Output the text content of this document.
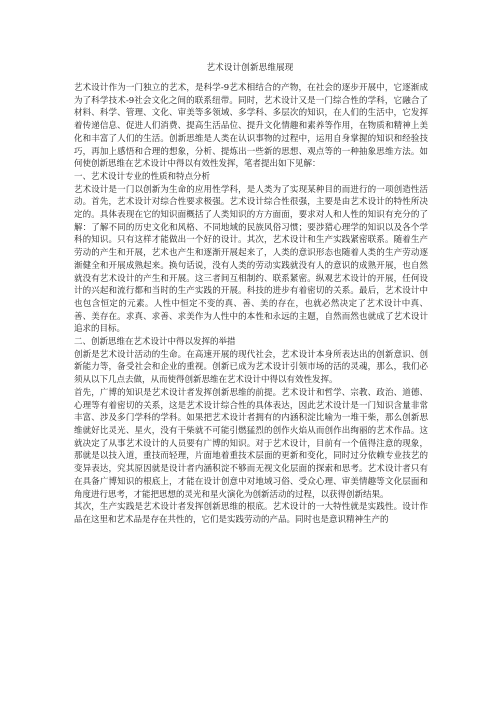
艺术设计创新思维展现

艺术设计作为一门独立的艺术，是科学-9艺术相结合的产物，在社会的逐步开展中，它逐渐成为了科学技术-9社会文化之间的联系纽带。同时，艺术设计又是一门综合性的学科，它融合了材料、科学、管理、文化、审美等多领域、多学科、多层次的知识，在人们的生活中，它发挥着传递信息、促进人们消费、提高生活品位、提升文化情趣和素养等作用，在物质和精神上美化和丰富了人们的生活。创新思维是人类在认识事物的过程中，运用自身掌握的知识和经验技巧，再加上感悟和合理的想象，分析、提炼出一些新的思想、观点等的一种抽象思维方法。如何使创新思维在艺术设计中得以有效性发挥，笔者提出如下见解：

一、艺术设计专业的性质和特点分析

艺术设计是一门以创新为生命的应用性学科，是人类为了实现某种目的而进行的一项创造性活动。首先，艺术设计对综合性要求极强。艺术设计综合性很强，主要是由艺术设计的特性所决定的。具体表现在它的知识面概括了人类知识的方方面面，要求对人和人性的知识有充分的了解：了解不同的历史文化和风格、不同地域的民族风俗习惯；要涉猎心理学的知识以及各个学科的知识。只有这样才能做出一个好的设计。其次，艺术设计和生产实践紧密联系。随着生产劳动的产生和开展，艺术也产生和逐渐开展起来了，人类的意识形态也随着人类的生产劳动逐渐健全和开展成熟起来。换句话说，没有人类的劳动实践就没有人的意识的成熟开展，也自然就没有艺术设计的产生和开展。这三者间互相制约、联系紧密。纵观艺术设计的开展，任何设计的兴起和流行都和当时的生产实践的开展。科技的进步有着密切的关系。最后，艺术设计中也包含恒定的元素。人性中恒定不变的真、善、美的存在，也就必然决定了艺术设计中真、善、美存在。求真、求善、求美作为人性中的本性和永远的主题，自然而然也就成了艺术设计追求的目标。

二、创新思维在艺术设计中得以发挥的举措

创新是艺术设计活动的生命。在高速开展的现代社会，艺术设计本身所表达出的创新意识、创新能力等，备受社会和企业的重视。创新已成为艺术设计引领市场的活的灵魂，那么，我们必须从以下几点去做，从而使得创新思维在艺术设计中得以有效性发挥。

首先，广博的知识是艺术设计者发挥创新思维的前提。艺术设计和哲学、宗教、政治、道德、心理等有着密切的关系，这是艺术设计综合性的具体表达，因此艺术设计是一门知识含量非常丰富、涉及多门学科的学科。如果把艺术设计者拥有的内涵积淀比喻为一堆干柴，那么创新思维就好比灵光、星火，没有干柴就不可能引燃猛烈的创作火焰从而创作出绚丽的艺术作品。这就决定了从事艺术设计的人员要有广博的知识。对于艺术设计，目前有一个值得注意的现象，那就是以技入道，重技而轻理，片面地着重技术层面的更新和变化，同时过分依赖专业技艺的变异表达，究其原因就是设计者内涵积淀不够而无视文化层面的探索和思考。艺术设计者只有在具备广博知识的根底上，才能在设计创意中对地域习俗、受众心理、审美情趣等文化层面和角度进行思考，才能把思想的灵光和星火演化为创新活动的过程，以获得创新结果。

其次，生产实践是艺术设计者发挥创新思维的根底。艺术设计的一大特性就是实践性。设计作品在这里和艺术品是存在共性的，它们是实践劳动的产品。同时也是意识精神生产的
